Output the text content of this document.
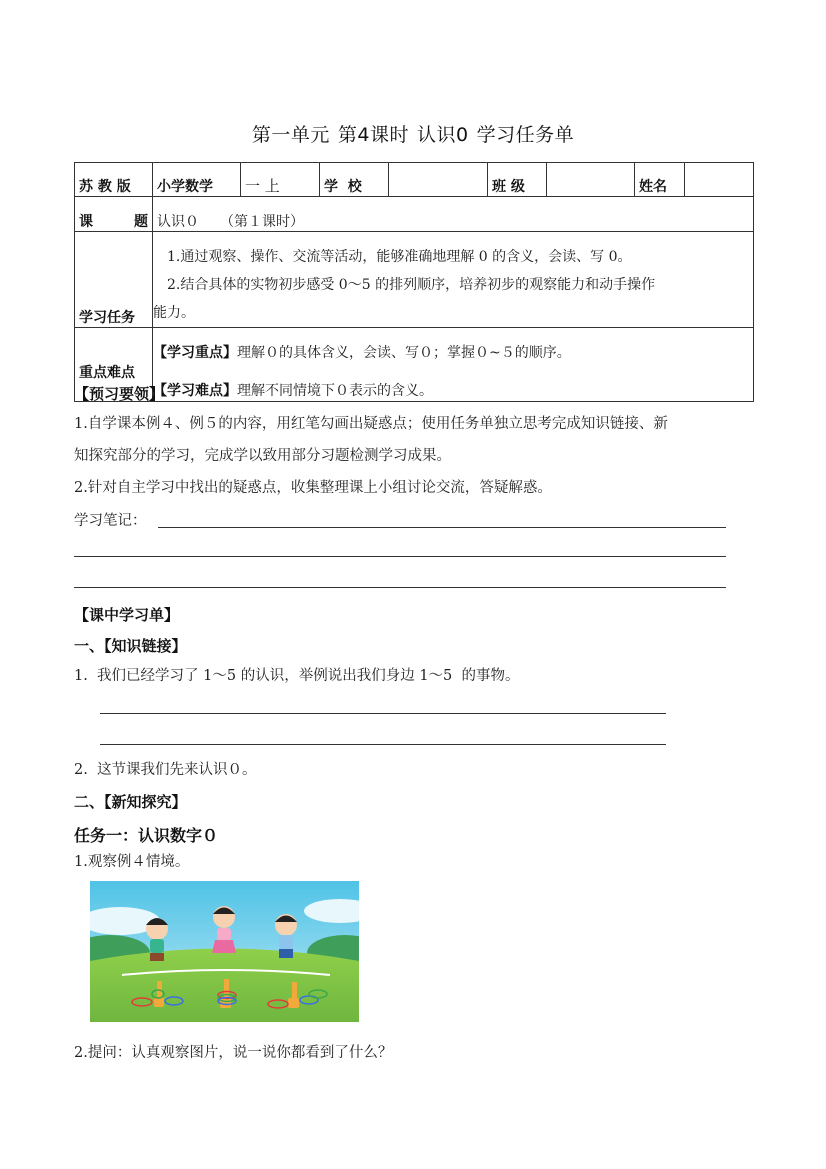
第一单元 第4课时 认识0 学习任务单
苏 教 版	小学数学	一 上	学  校		班 级		姓名	

课 题	认识０　　（第１课时）							
学习任务	1.通过观察、操作、交流等活动，能够准确地理解 0 的含义，会读、写 0。
2.结合具体的实物初步感受 0～5 的排列顺序，培养初步的观察能力和动手操作
能力。							

重点难点	【学习重点】理解０的具体含义，会读、写０；掌握０~５的顺序。
【学习难点】理解不同情境下０表示的含义。							
【预习要领】
1.自学课本例４、例５的内容，用红笔勾画出疑惑点；使用任务单独立思考完成知识链接、新
知探究部分的学习，完成学以致用部分习题检测学习成果。
2.针对自主学习中找出的疑惑点，收集整理课上小组讨论交流，答疑解惑。
学习笔记：
【课中学习单】
一、【知识链接】
1.  我们已经学习了 1～5 的认识，举例说出我们身边 1～5  的事物。
2.  这节课我们先来认识０。
二、【新知探究】
任务一：认识数字０
1.观察例４情境。
2.提问：认真观察图片，说一说你都看到了什么？
